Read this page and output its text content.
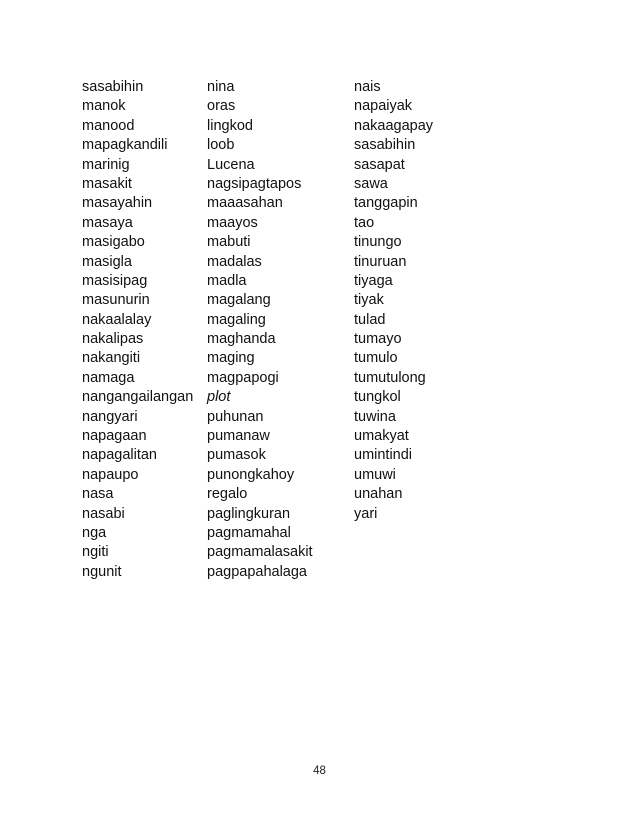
sasabihin
manok
manood
mapagkandili
marinig
masakit
masayahin
masaya
masigabo
masigla
masisipag
masunurin
nakaalalay
nakalipas
nakangiti
namaga
nangangailangan
nangyari
napagaan
napagalitan
napaupo
nasa
nasabi
nga
ngiti
ngunit
nina
oras
lingkod
loob
Lucena
nagsipagtapos
maaasahan
maayos
mabuti
madalas
madla
magalang
magaling
maghanda
maging
magpapogi
plot
puhunan
pumanaw
pumasok
punongkahoy
regalo
paglingkuran
pagmamahal
pagmamalasakit
pagpapahalaga
nais
napaiyak
nakaagapay
sasabihin
sasapat
sawa
tanggapin
tao
tinungo
tinuruan
tiyaga
tiyak
tulad
tumayo
tumulo
tumutulong
tungkol
tuwina
umakyat
umintindi
umuwi
unahan
yari
48
